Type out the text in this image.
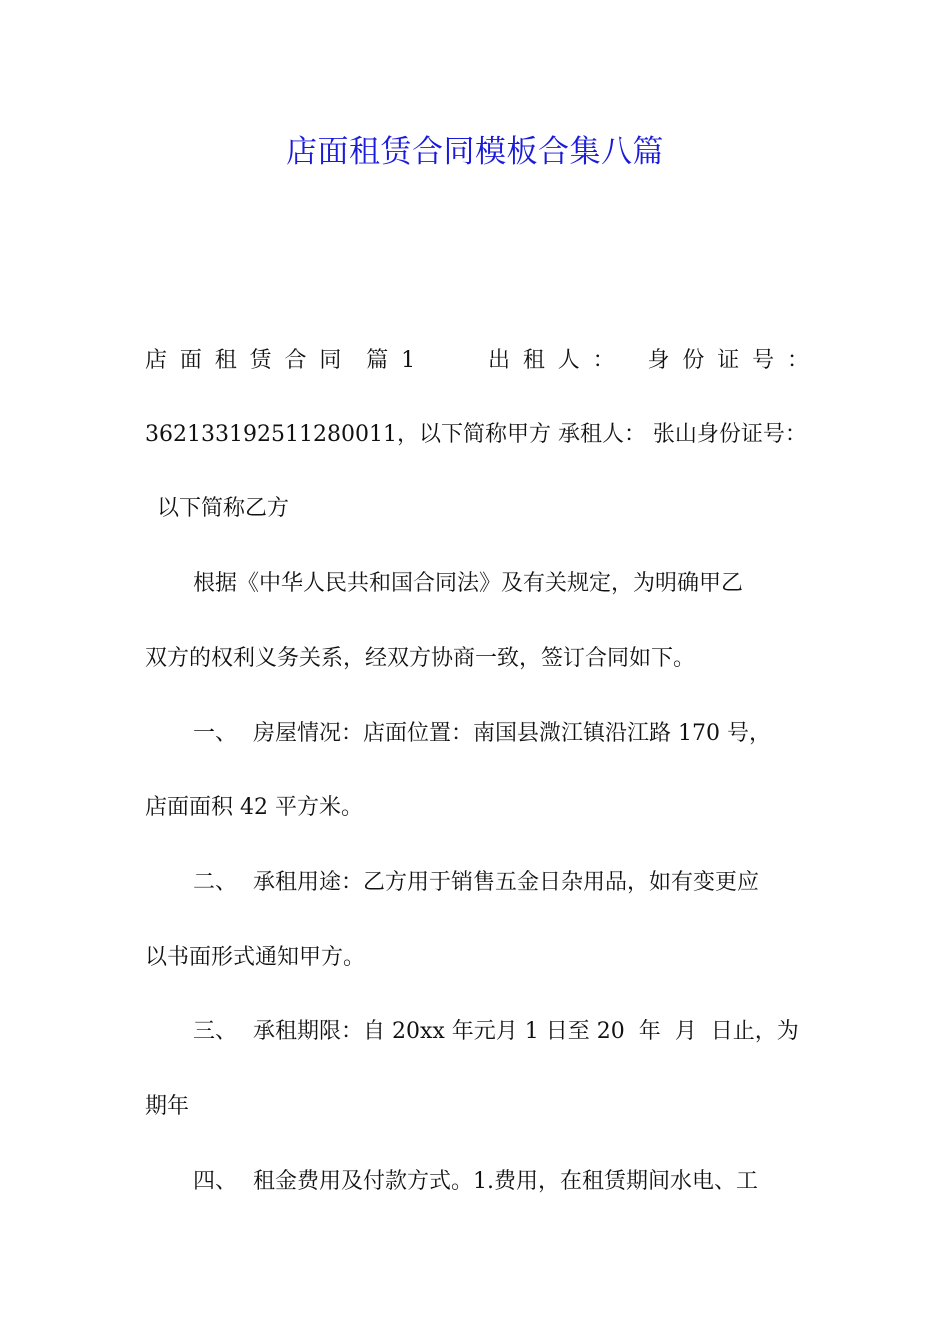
店面租赁合同模板合集八篇
店 面 租 赁 合 同 篇 1	出 租 人 ： 身 份 证 号 ：
362133192511280011，以下简称甲方 承租人： 张山身份证号：
以下简称乙方
根据《中华人民共和国合同法》及有关规定，为明确甲乙
双方的权利义务关系，经双方协商一致，签订合同如下。
一、 房屋情况：店面位置：南国县溦江镇沿江路 170 号，
店面面积 42 平方米。
二、 承租用途：乙方用于销售五金日杂用品，如有变更应
以书面形式通知甲方。
三、 承租期限：自 20xx 年元月 1 日至 20  年  月  日止，为
期年
四、 租金费用及付款方式。1.费用，在租赁期间水电、工
